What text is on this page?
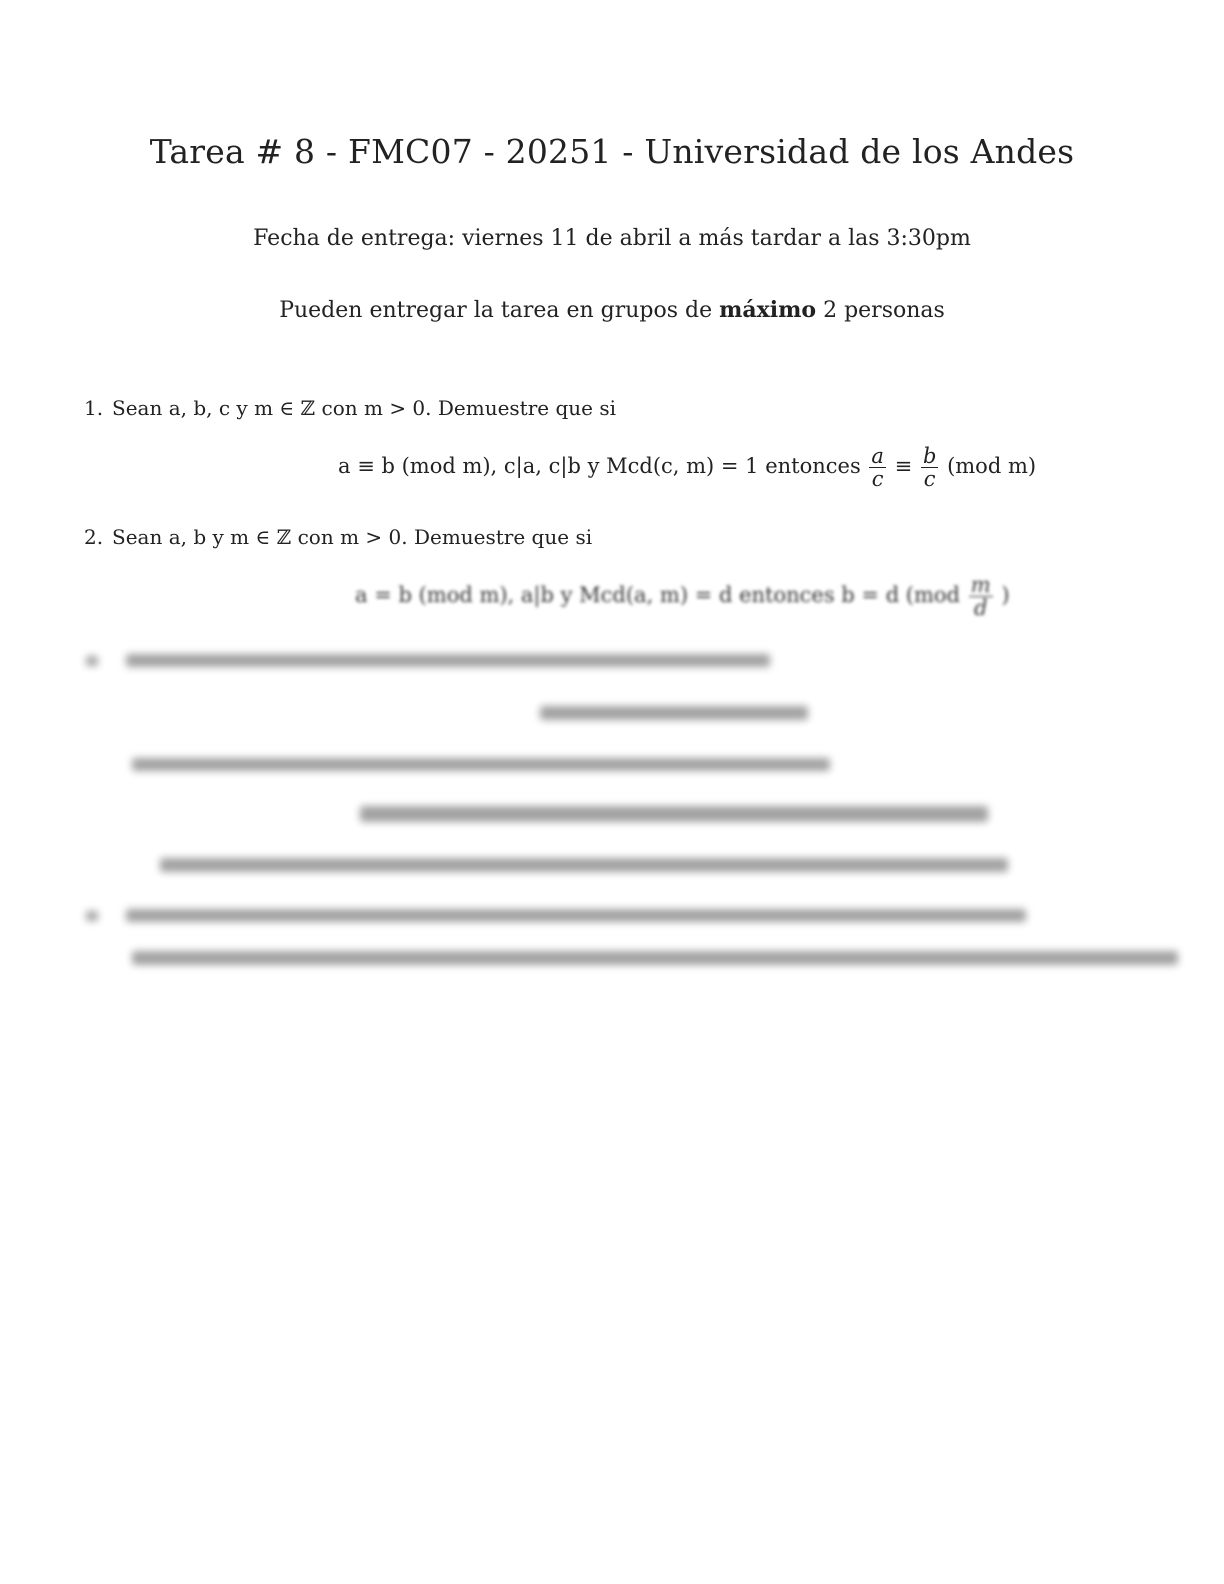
Tarea # 8 - FMC07 - 20251 - Universidad de los Andes
Fecha de entrega: viernes 11 de abril a más tardar a las 3:30pm
Pueden entregar la tarea en grupos de máximo 2 personas
1. Sean a, b, c y m ∈ ℤ con m > 0. Demuestre que si
a ≡ b (mod m), c|a, c|b y Mcd(c, m) = 1 entonces $\frac{a}{c} \equiv \frac{b}{c} (mod$ m)
2. Sean a, b y m ∈ ℤ con m > 0. Demuestre que si
a = b (mod m), a|b y Mcd(a, m) = d entonces b = d ($mod \frac{m}{d}$ )
